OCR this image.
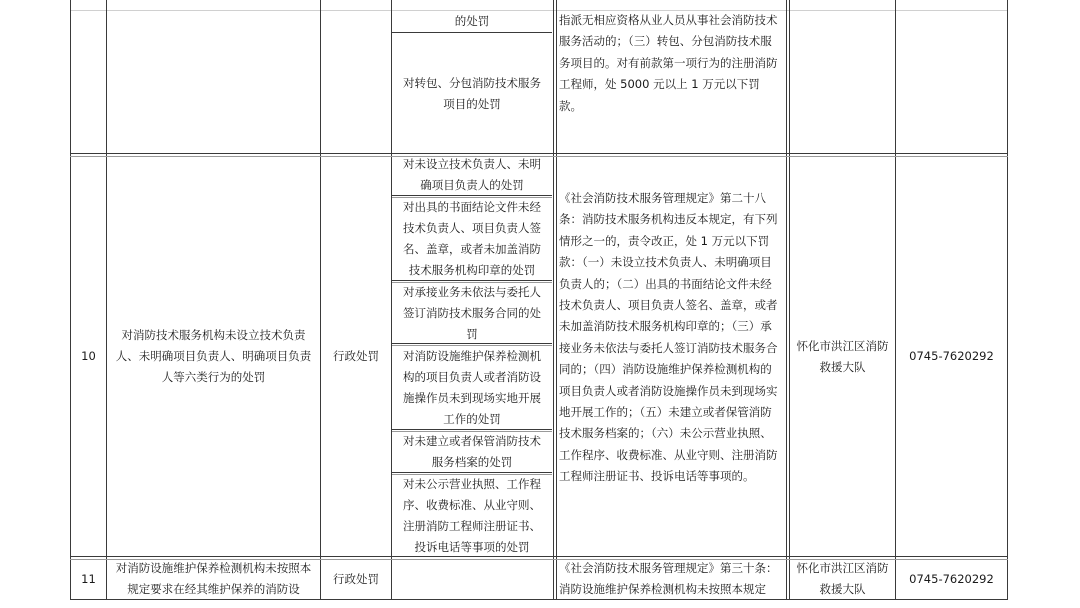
的处罚
对转包、分包消防技术服务项目的处罚
指派无相应资格从业人员从事社会消防技术服务活动的；（三）转包、分包消防技术服务项目的。对有前款第一项行为的注册消防工程师，处 5000 元以上 1 万元以下罚款。
10
对消防技术服务机构未设立技术负责人、未明确项目负责人、明确项目负责人等六类行为的处罚
行政处罚
对未设立技术负责人、未明确项目负责人的处罚
对出具的书面结论文件未经技术负责人、项目负责人签名、盖章，或者未加盖消防技术服务机构印章的处罚
对承接业务未依法与委托人签订消防技术服务合同的处罚
对消防设施维护保养检测机构的项目负责人或者消防设施操作员未到现场实地开展工作的处罚
对未建立或者保管消防技术服务档案的处罚
对未公示营业执照、工作程序、收费标准、从业守则、注册消防工程师注册证书、投诉电话等事项的处罚
《社会消防技术服务管理规定》第二十八条：消防技术服务机构违反本规定，有下列情形之一的，责令改正，处 1 万元以下罚款：（一）未设立技术负责人、未明确项目负责人的；（二）出具的书面结论文件未经技术负责人、项目负责人签名、盖章，或者未加盖消防技术服务机构印章的；（三）承接业务未依法与委托人签订消防技术服务合同的；（四）消防设施维护保养检测机构的项目负责人或者消防设施操作员未到现场实地开展工作的；（五）未建立或者保管消防技术服务档案的；（六）未公示营业执照、工作程序、收费标准、从业守则、注册消防工程师注册证书、投诉电话等事项的。
怀化市洪江区消防救援大队
0745-7620292
11
对消防设施维护保养检测机构未按照本规定要求在经其维护保养的消防设
行政处罚
《社会消防技术服务管理规定》第三十条：消防设施维护保养检测机构未按照本规定
怀化市洪江区消防救援大队
0745-7620292
